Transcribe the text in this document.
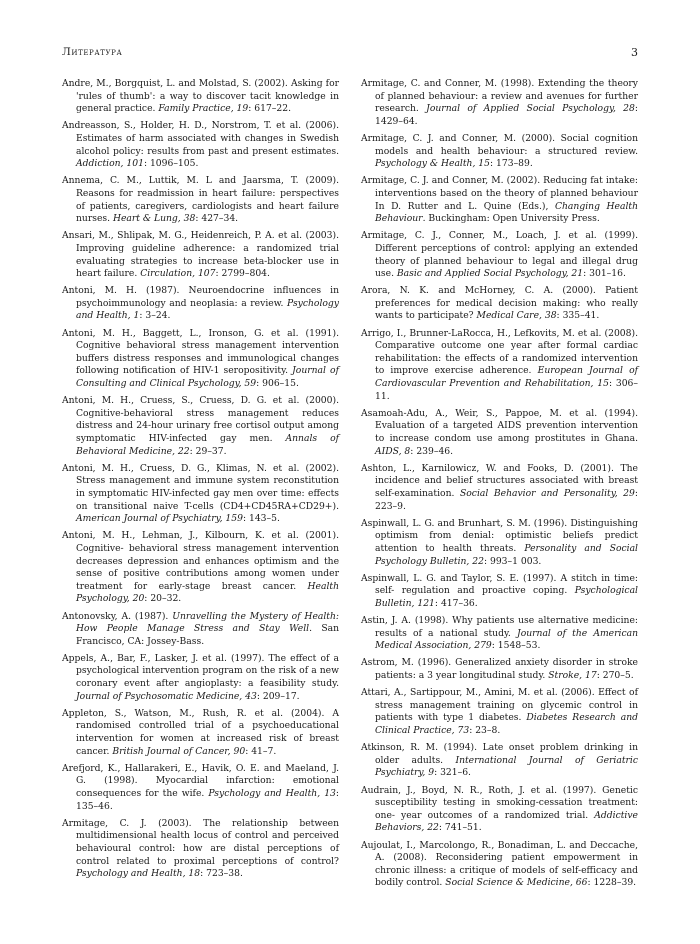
Литература	3

Andre, M., Borgquist, L. and Molstad, S. (2002). Asking for 'rules of thumb': a way to discover tacit knowledge in general practice. Family Practice, 19: 617–22.

Andreasson, S., Holder, H. D., Norstrom, T. et al. (2006). Estimates of harm associated with changes in Swedish alcohol policy: results from past and present estimates. Addiction, 101: 1096–105.

Annema, C. M., Luttik, M. L and Jaarsma, T. (2009). Reasons for readmission in heart failure: perspectives of patients, caregivers, cardiologists and heart failure nurses. Heart & Lung, 38: 427–34.

Ansari, M., Shlipak, M. G., Heidenreich, P. A. et al. (2003). Improving guideline adherence: a randomized trial evaluating strategies to increase beta-blocker use in heart failure. Circulation, 107: 2799–804.

Antoni, M. H. (1987). Neuroendocrine influences in psychoimmunology and neoplasia: a review. Psychology and Health, 1: 3–24.

Antoni, M. H., Baggett, L., Ironson, G. et al. (1991). Cognitive behavioral stress management intervention buffers distress responses and immunological changes following notification of HIV-1 seropositivity. Journal of Consulting and Clinical Psychology, 59: 906–15.

Antoni, M. H., Cruess, S., Cruess, D. G. et al. (2000). Cognitive-behavioral stress management reduces distress and 24-hour urinary free cortisol output among symptomatic HIV-infected gay men. Annals of Behavioral Medicine, 22: 29–37.

Antoni, M. H., Cruess, D. G., Klimas, N. et al. (2002). Stress management and immune system reconstitution in symptomatic HIV-infected gay men over time: effects on transitional naive T-cells (CD4+CD45RA+CD29+). American Journal of Psychiatry, 159: 143–5.

Antoni, M. H., Lehman, J., Kilbourn, K. et al. (2001). Cognitive- behavioral stress management intervention decreases depression and enhances optimism and the sense of positive contributions among women under treatment for early-stage breast cancer. Health Psychology, 20: 20–32.

Antonovsky, A. (1987). Unravelling the Mystery of Health: How People Manage Stress and Stay Well. San Francisco, CA: Jossey-Bass.

Appels, A., Bar, F., Lasker, J. et al. (1997). The effect of a psychological intervention program on the risk of a new coronary event after angioplasty: a feasibility study. Journal of Psychosomatic Medicine, 43: 209–17.

Appleton, S., Watson, M., Rush, R. et al. (2004). A randomised controlled trial of a psychoeducational intervention for women at increased risk of breast cancer. British Journal of Cancer, 90: 41–7.

Arefjord, K., Hallarakeri, E., Havik, O. E. and Maeland, J. G. (1998). Myocardial infarction: emotional consequences for the wife. Psychology and Health, 13: 135–46.

Armitage, C. J. (2003). The relationship between multidimensional health locus of control and perceived behavioural control: how are distal perceptions of control related to proximal perceptions of control? Psychology and Health, 18: 723–38.

Armitage, C. and Conner, M. (1998). Extending the theory of planned behaviour: a review and avenues for further research. Journal of Applied Social Psychology, 28: 1429–64.

Armitage, C. J. and Conner, M. (2000). Social cognition models and health behaviour: a structured review. Psychology & Health, 15: 173–89.

Armitage, C. J. and Conner, M. (2002). Reducing fat intake: interventions based on the theory of planned behaviour In D. Rutter and L. Quine (Eds.), Changing Health Behaviour. Buckingham: Open University Press.

Armitage, C. J., Conner, M., Loach, J. et al. (1999). Different perceptions of control: applying an extended theory of planned behaviour to legal and illegal drug use. Basic and Applied Social Psychology, 21: 301–16.

Arora, N. K. and McHorney, C. A. (2000). Patient preferences for medical decision making: who really wants to participate? Medical Care, 38: 335–41.

Arrigo, I., Brunner-LaRocca, H., Lefkovits, M. et al. (2008). Comparative outcome one year after formal cardiac rehabilitation: the effects of a randomized intervention to improve exercise adherence. European Journal of Cardiovascular Prevention and Rehabilitation, 15: 306–11.

Asamoah-Adu, A., Weir, S., Pappoe, M. et al. (1994). Evaluation of a targeted AIDS prevention intervention to increase condom use among prostitutes in Ghana. AIDS, 8: 239–46.

Ashton, L., Karnilowicz, W. and Fooks, D. (2001). The incidence and belief structures associated with breast self-examination. Social Behavior and Personality, 29: 223–9.

Aspinwall, L. G. and Brunhart, S. M. (1996). Distinguishing optimism from denial: optimistic beliefs predict attention to health threats. Personality and Social Psychology Bulletin, 22: 993–1 003.

Aspinwall, L. G. and Taylor, S. E. (1997). A stitch in time: self- regulation and proactive coping. Psychological Bulletin, 121: 417–36.

Astin, J. A. (1998). Why patients use alternative medicine: results of a national study. Journal of the American Medical Association, 279: 1548–53.

Astrom, M. (1996). Generalized anxiety disorder in stroke patients: a 3 year longitudinal study. Stroke, 17: 270–5.

Attari, A., Sartippour, M., Amini, M. et al. (2006). Effect of stress management training on glycemic control in patients with type 1 diabetes. Diabetes Research and Clinical Practice, 73: 23–8.

Atkinson, R. M. (1994). Late onset problem drinking in older adults. International Journal of Geriatric Psychiatry, 9: 321–6.

Audrain, J., Boyd, N. R., Roth, J. et al. (1997). Genetic susceptibility testing in smoking-cessation treatment: one- year outcomes of a randomized trial. Addictive Behaviors, 22: 741–51.

Aujoulat, I., Marcolongo, R., Bonadiman, L. and Deccache, A. (2008). Reconsidering patient empowerment in chronic illness: a critique of models of self-efficacy and bodily control. Social Science & Medicine, 66: 1228–39.
